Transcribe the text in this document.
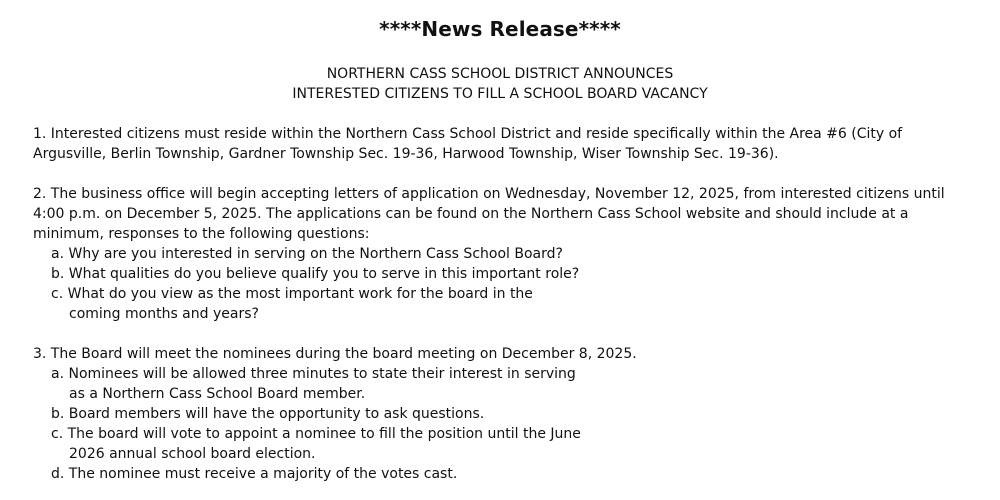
****News Release****
NORTHERN CASS SCHOOL DISTRICT ANNOUNCES
INTERESTED CITIZENS TO FILL A SCHOOL BOARD VACANCY
1. Interested citizens must reside within the Northern Cass School District and reside specifically within the Area #6 (City of
Argusville, Berlin Township, Gardner Township Sec. 19-36, Harwood Township, Wiser Township Sec. 19-36).
2. The business office will begin accepting letters of application on Wednesday, November 12, 2025, from interested citizens until
4:00 p.m. on December 5, 2025. The applications can be found on the Northern Cass School website and should include at a
minimum, responses to the following questions:
a. Why are you interested in serving on the Northern Cass School Board?
b. What qualities do you believe qualify you to serve in this important role?
c. What do you view as the most important work for the board in the
coming months and years?
3. The Board will meet the nominees during the board meeting on December 8, 2025.
a. Nominees will be allowed three minutes to state their interest in serving
as a Northern Cass School Board member.
b. Board members will have the opportunity to ask questions.
c. The board will vote to appoint a nominee to fill the position until the June
2026 annual school board election.
d. The nominee must receive a majority of the votes cast.
